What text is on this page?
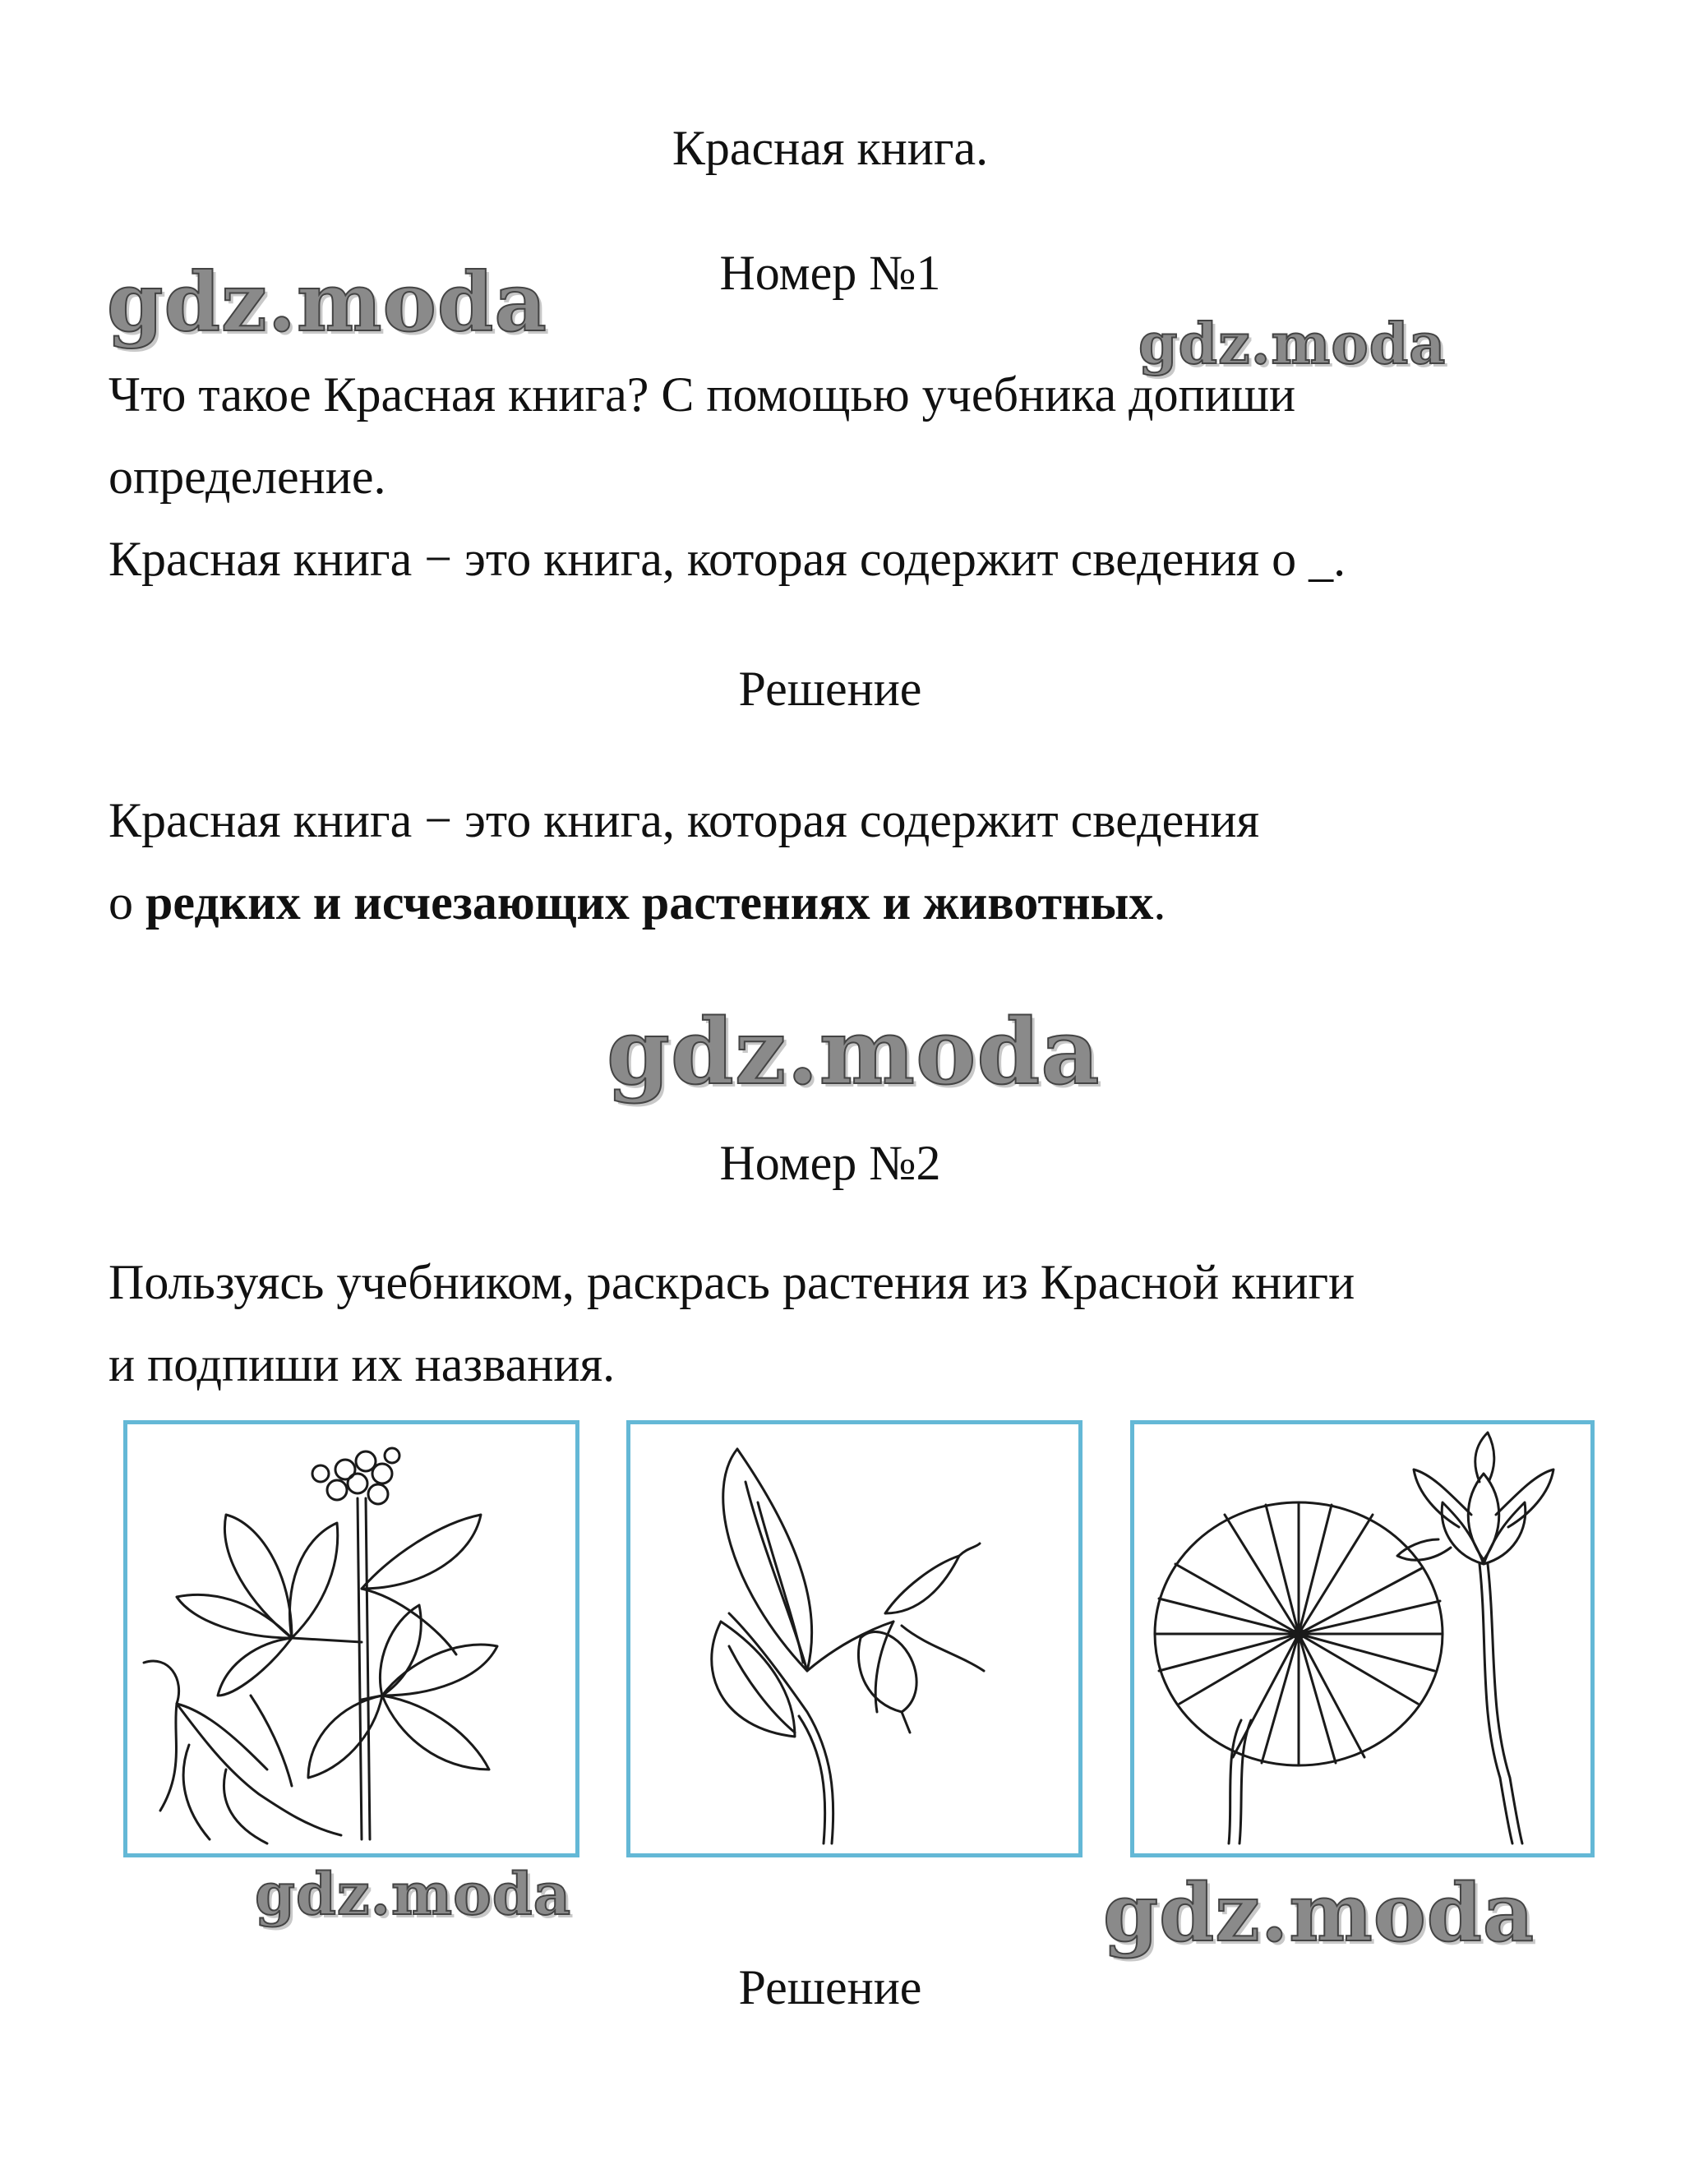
Красная книга.
Номер №1

Что такое Красная книга? С помощью учебника допиши

определение.

Красная книга − это книга, которая содержит сведения о _.

Решение

Красная книга − это книга, которая содержит сведения

о редких и исчезающих растениях и животных.

Номер №2

Пользуясь учебником, раскрась растения из Красной книги

и подпиши их названия.

Решение
gdz.moda	gdz.moda
gdz.moda
gdz.moda	gdz.moda
